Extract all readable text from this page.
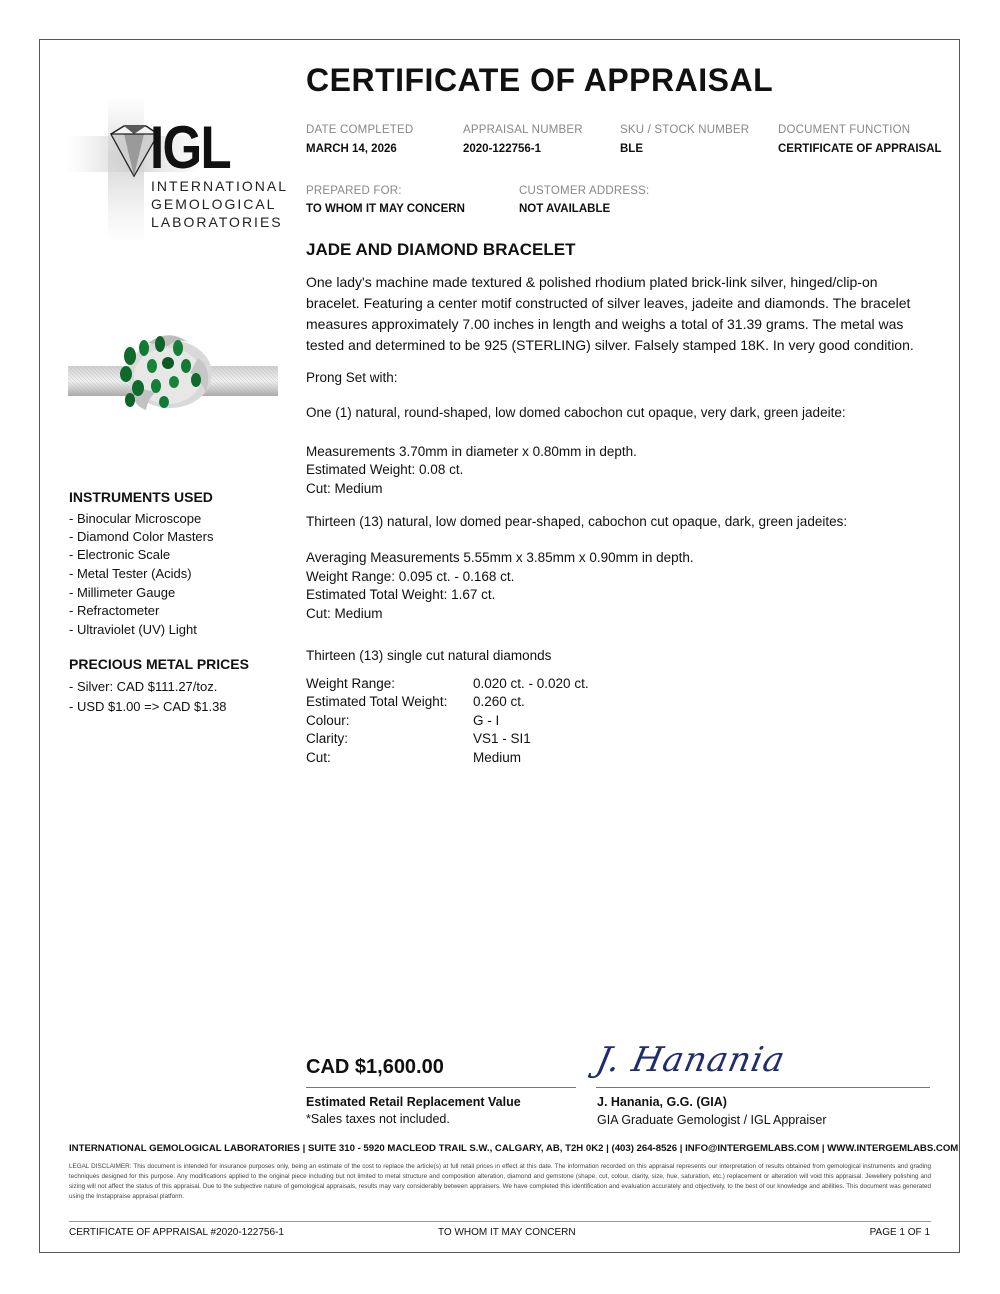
IGL
INTERNATIONAL
GEMOLOGICAL
LABORATORIES
CERTIFICATE OF APPRAISAL
DATE COMPLETED
MARCH 14, 2026
APPRAISAL NUMBER
2020-122756-1
SKU / STOCK NUMBER
BLE
DOCUMENT FUNCTION
CERTIFICATE OF APPRAISAL
PREPARED FOR:
TO WHOM IT MAY CONCERN
CUSTOMER ADDRESS:
NOT AVAILABLE
JADE AND DIAMOND BRACELET
One lady's machine made textured & polished rhodium plated brick-link silver, hinged/clip-on bracelet. Featuring a center motif constructed of silver leaves, jadeite and diamonds. The bracelet measures approximately 7.00 inches in length and weighs a total of 31.39 grams. The metal was tested and determined to be 925 (STERLING) silver. Falsely stamped 18K. In very good condition.
Prong Set with:
One (1) natural, round-shaped, low domed cabochon cut opaque, very dark, green jadeite:
Measurements 3.70mm in diameter x 0.80mm in depth.
Estimated Weight: 0.08 ct.
Cut: Medium
Thirteen (13) natural, low domed pear-shaped, cabochon cut opaque, dark, green jadeites:
Averaging Measurements 5.55mm x 3.85mm x 0.90mm in depth.
Weight Range: 0.095 ct. - 0.168 ct.
Estimated Total Weight: 1.67 ct.
Cut: Medium
Thirteen (13) single cut natural diamonds
Weight Range:	0.020 ct. - 0.020 ct.
Estimated Total Weight: 0.260 ct.
Colour:	G - I
Clarity:	VS1 - SI1
Cut:	Medium
INSTRUMENTS USED
- Binocular Microscope
- Diamond Color Masters
- Electronic Scale
- Metal Tester (Acids)
- Millimeter Gauge
- Refractometer
- Ultraviolet (UV) Light
PRECIOUS METAL PRICES
- Silver: CAD $111.27/toz.
- USD $1.00 => CAD $1.38
CAD $1,600.00
Estimated Retail Replacement Value
*Sales taxes not included.
J. Hanania
J. Hanania, G.G. (GIA)
GIA Graduate Gemologist / IGL Appraiser
INTERNATIONAL GEMOLOGICAL LABORATORIES | SUITE 310 - 5920 MACLEOD TRAIL S.W., CALGARY, AB, T2H 0K2 | (403) 264-8526 | INFO@INTERGEMLABS.COM | WWW.INTERGEMLABS.COM
LEGAL DISCLAIMER: This document is intended for insurance purposes only, being an estimate of the cost to replace the article(s) at full retail prices in effect at this date. The information recorded on this appraisal represents our interpretation of results obtained from gemological instruments and grading techniques designed for this purpose. Any modifications applied to the original piece including but not limited to metal structure and composition alteration, diamond and gemstone (shape, cut, colour, clarity, size, hue, saturation, etc.) replacement or alteration will void this appraisal. Jewellery polishing and sizing will not affect the status of this appraisal. Due to the subjective nature of gemological appraisals, results may vary considerably between appraisers. We have completed this identification and evaluation accurately and objectively, to the best of our knowledge and abilities. This document was generated using the Instappraise appraisal platform.
CERTIFICATE OF APPRAISAL #2020-122756-1	TO WHOM IT MAY CONCERN	PAGE 1 OF 1
